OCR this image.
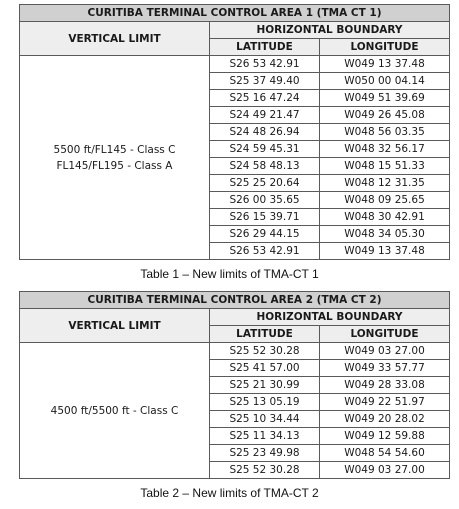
CURITIBA TERMINAL CONTROL AREA 1 (TMA CT 1)		
VERTICAL LIMIT	HORIZONTAL BOUNDARY	
	LATITUDE	LONGITUDE

5500 ft/FL145 - Class C
FL145/FL195 - Class A	S26 53 42.91	W049 13 37.48
	S25 37 49.40	W050 00 04.14
	S25 16 47.24	W049 51 39.69
	S24 49 21.47	W049 26 45.08
	S24 48 26.94	W048 56 03.35
	S24 59 45.31	W048 32 56.17
	S24 58 48.13	W048 15 51.33
	S25 25 20.64	W048 12 31.35
	S26 00 35.65	W048 09 25.65
	S26 15 39.71	W048 30 42.91
	S26 29 44.15	W048 34 05.30
	S26 53 42.91	W049 13 37.48
Table 1 – New limits of TMA-CT 1
CURITIBA TERMINAL CONTROL AREA 2 (TMA CT 2)		
VERTICAL LIMIT	HORIZONTAL BOUNDARY	
	LATITUDE	LONGITUDE

4500 ft/5500 ft - Class C	S25 52 30.28	W049 03 27.00
	S25 41 57.00	W049 33 57.77
	S25 21 30.99	W049 28 33.08
	S25 13 05.19	W049 22 51.97
	S25 10 34.44	W049 20 28.02
	S25 11 34.13	W049 12 59.88
	S25 23 49.98	W048 54 54.60
	S25 52 30.28	W049 03 27.00
Table 2 – New limits of TMA-CT 2
